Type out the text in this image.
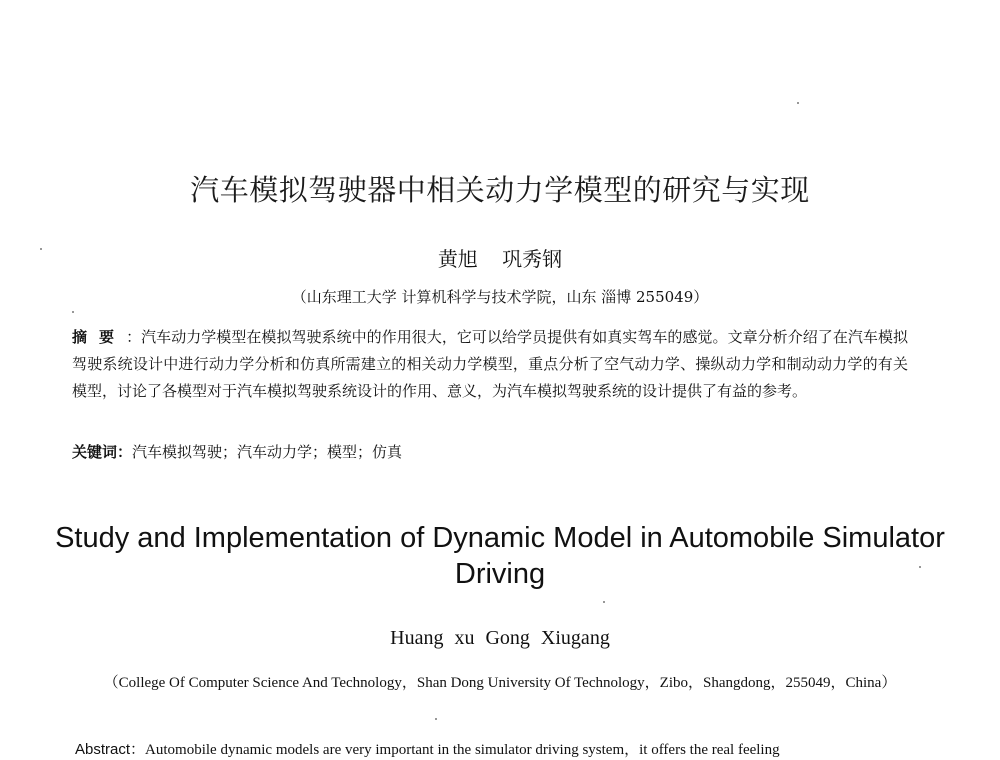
汽车模拟驾驶器中相关动力学模型的研究与实现
黄旭 巩秀钢
（山东理工大学 计算机科学与技术学院，山东 淄博 255049）
摘要：汽车动力学模型在模拟驾驶系统中的作用很大，它可以给学员提供有如真实驾车的感觉。文章分析介绍了在汽车模拟驾驶系统设计中进行动力学分析和仿真所需建立的相关动力学模型，重点分析了空气动力学、操纵动力学和制动动力学的有关模型，讨论了各模型对于汽车模拟驾驶系统设计的作用、意义，为汽车模拟驾驶系统的设计提供了有益的参考。
关键词：汽车模拟驾驶；汽车动力学；模型；仿真
Study and Implementation of Dynamic Model in Automobile Simulator Driving
Huang xu Gong Xiugang
（College Of Computer Science And Technology，Shan Dong University Of Technology，Zibo，Shangdong，255049，China）
Abstract：Automobile dynamic models are very important in the simulator driving system，it offers the real feeling
